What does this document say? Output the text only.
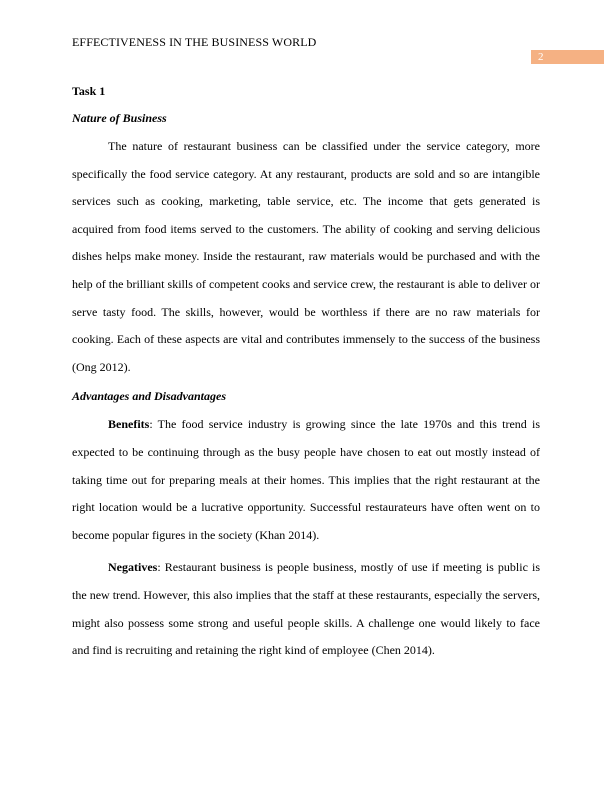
EFFECTIVENESS IN THE BUSINESS WORLD
2

Task 1

Nature of Business

The nature of restaurant business can be classified under the service category, more specifically the food service category. At any restaurant, products are sold and so are intangible services such as cooking, marketing, table service, etc. The income that gets generated is acquired from food items served to the customers. The ability of cooking and serving delicious dishes helps make money. Inside the restaurant, raw materials would be purchased and with the help of the brilliant skills of competent cooks and service crew, the restaurant is able to deliver or serve tasty food. The skills, however, would be worthless if there are no raw materials for cooking. Each of these aspects are vital and contributes immensely to the success of the business (Ong 2012).

Advantages and Disadvantages

Benefits: The food service industry is growing since the late 1970s and this trend is expected to be continuing through as the busy people have chosen to eat out mostly instead of taking time out for preparing meals at their homes. This implies that the right restaurant at the right location would be a lucrative opportunity. Successful restaurateurs have often went on to become popular figures in the society (Khan 2014).

Negatives: Restaurant business is people business, mostly of use if meeting is public is the new trend. However, this also implies that the staff at these restaurants, especially the servers, might also possess some strong and useful people skills. A challenge one would likely to face and find is recruiting and retaining the right kind of employee (Chen 2014).
